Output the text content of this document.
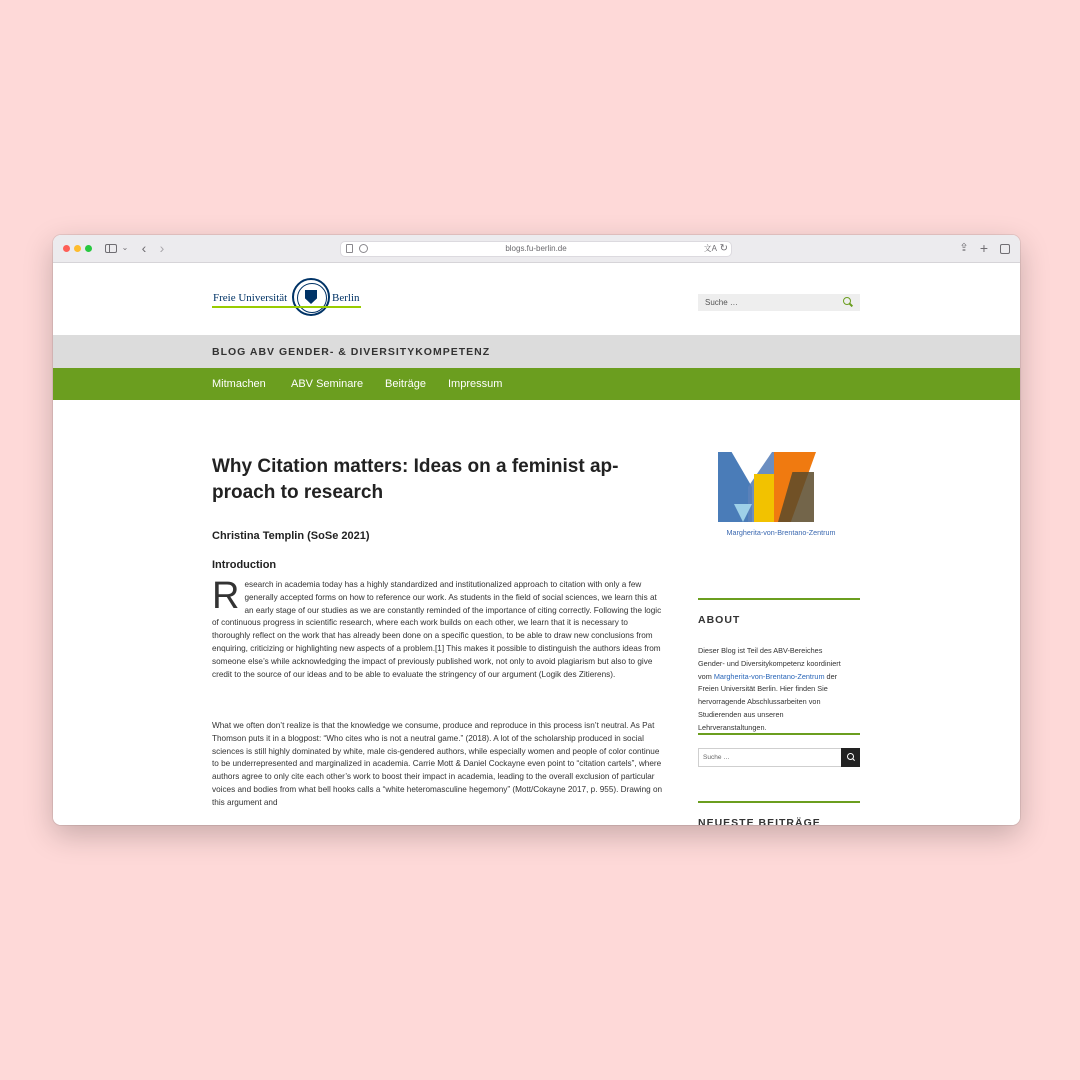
⌄ ‹ ›	blogs.fu-berlin.de	文A ↻	⇪ +
Freie Universität	Berlin	Suche …
BLOG ABV GENDER- & DIVERSITYKOMPETENZ
Mitmachen ABV Seminare Beiträge Impressum
Why Citation matters: Ideas on a feminist approach to research
Christina Templin (SoSe 2021)
Introduction

Research in academia today has a highly standardized and institutionalized approach to citation with only a few generally accepted forms on how to reference our work. As students in the field of social sciences, we learn this at an early stage of our studies as we are constantly reminded of the importance of citing correctly. Following the logic of continuous progress in scientific research, where each work builds on each other, we learn that it is necessary to thoroughly reflect on the work that has already been done on a specific question, to be able to draw new conclusions from enquiring, criticizing or highlighting new aspects of a problem.[1] This makes it possible to distinguish the authors ideas from someone else’s while acknowledging the impact of previously published work, not only to avoid plagiarism but also to give credit to the source of our ideas and to be able to evaluate the stringency of our argument (Logik des Zitierens).

What we often don’t realize is that the knowledge we consume, produce and reproduce in this process isn’t neutral. As Pat Thomson puts it in a blogpost: “Who cites who is not a neutral game.” (2018). A lot of the scholarship produced in social sciences is still highly dominated by white, male cis-gendered authors, while especially women and people of color continue to be underrepresented and marginalized in academia. Carrie Mott & Daniel Cockayne even point to “citation cartels”, where authors agree to only cite each other’s work to boost their impact in academia, leading to the overall exclusion of particular voices and bodies from what bell hooks calls a “white heteromasculine hegemony” (Mott/Cokayne 2017, p. 955). Drawing on this argument and

Margherita-von-Brentano-Zentrum
ABOUT

Dieser Blog ist Teil des ABV-Bereiches Gender- und Diversitykompetenz koordiniert vom Margherita-von-Brentano-Zentrum der Freien Universität Berlin. Hier finden Sie hervorragende Abschlussarbeiten von Studierenden aus unseren Lehrveranstaltungen.

Suche …
NEUESTE BEITRÄGE
